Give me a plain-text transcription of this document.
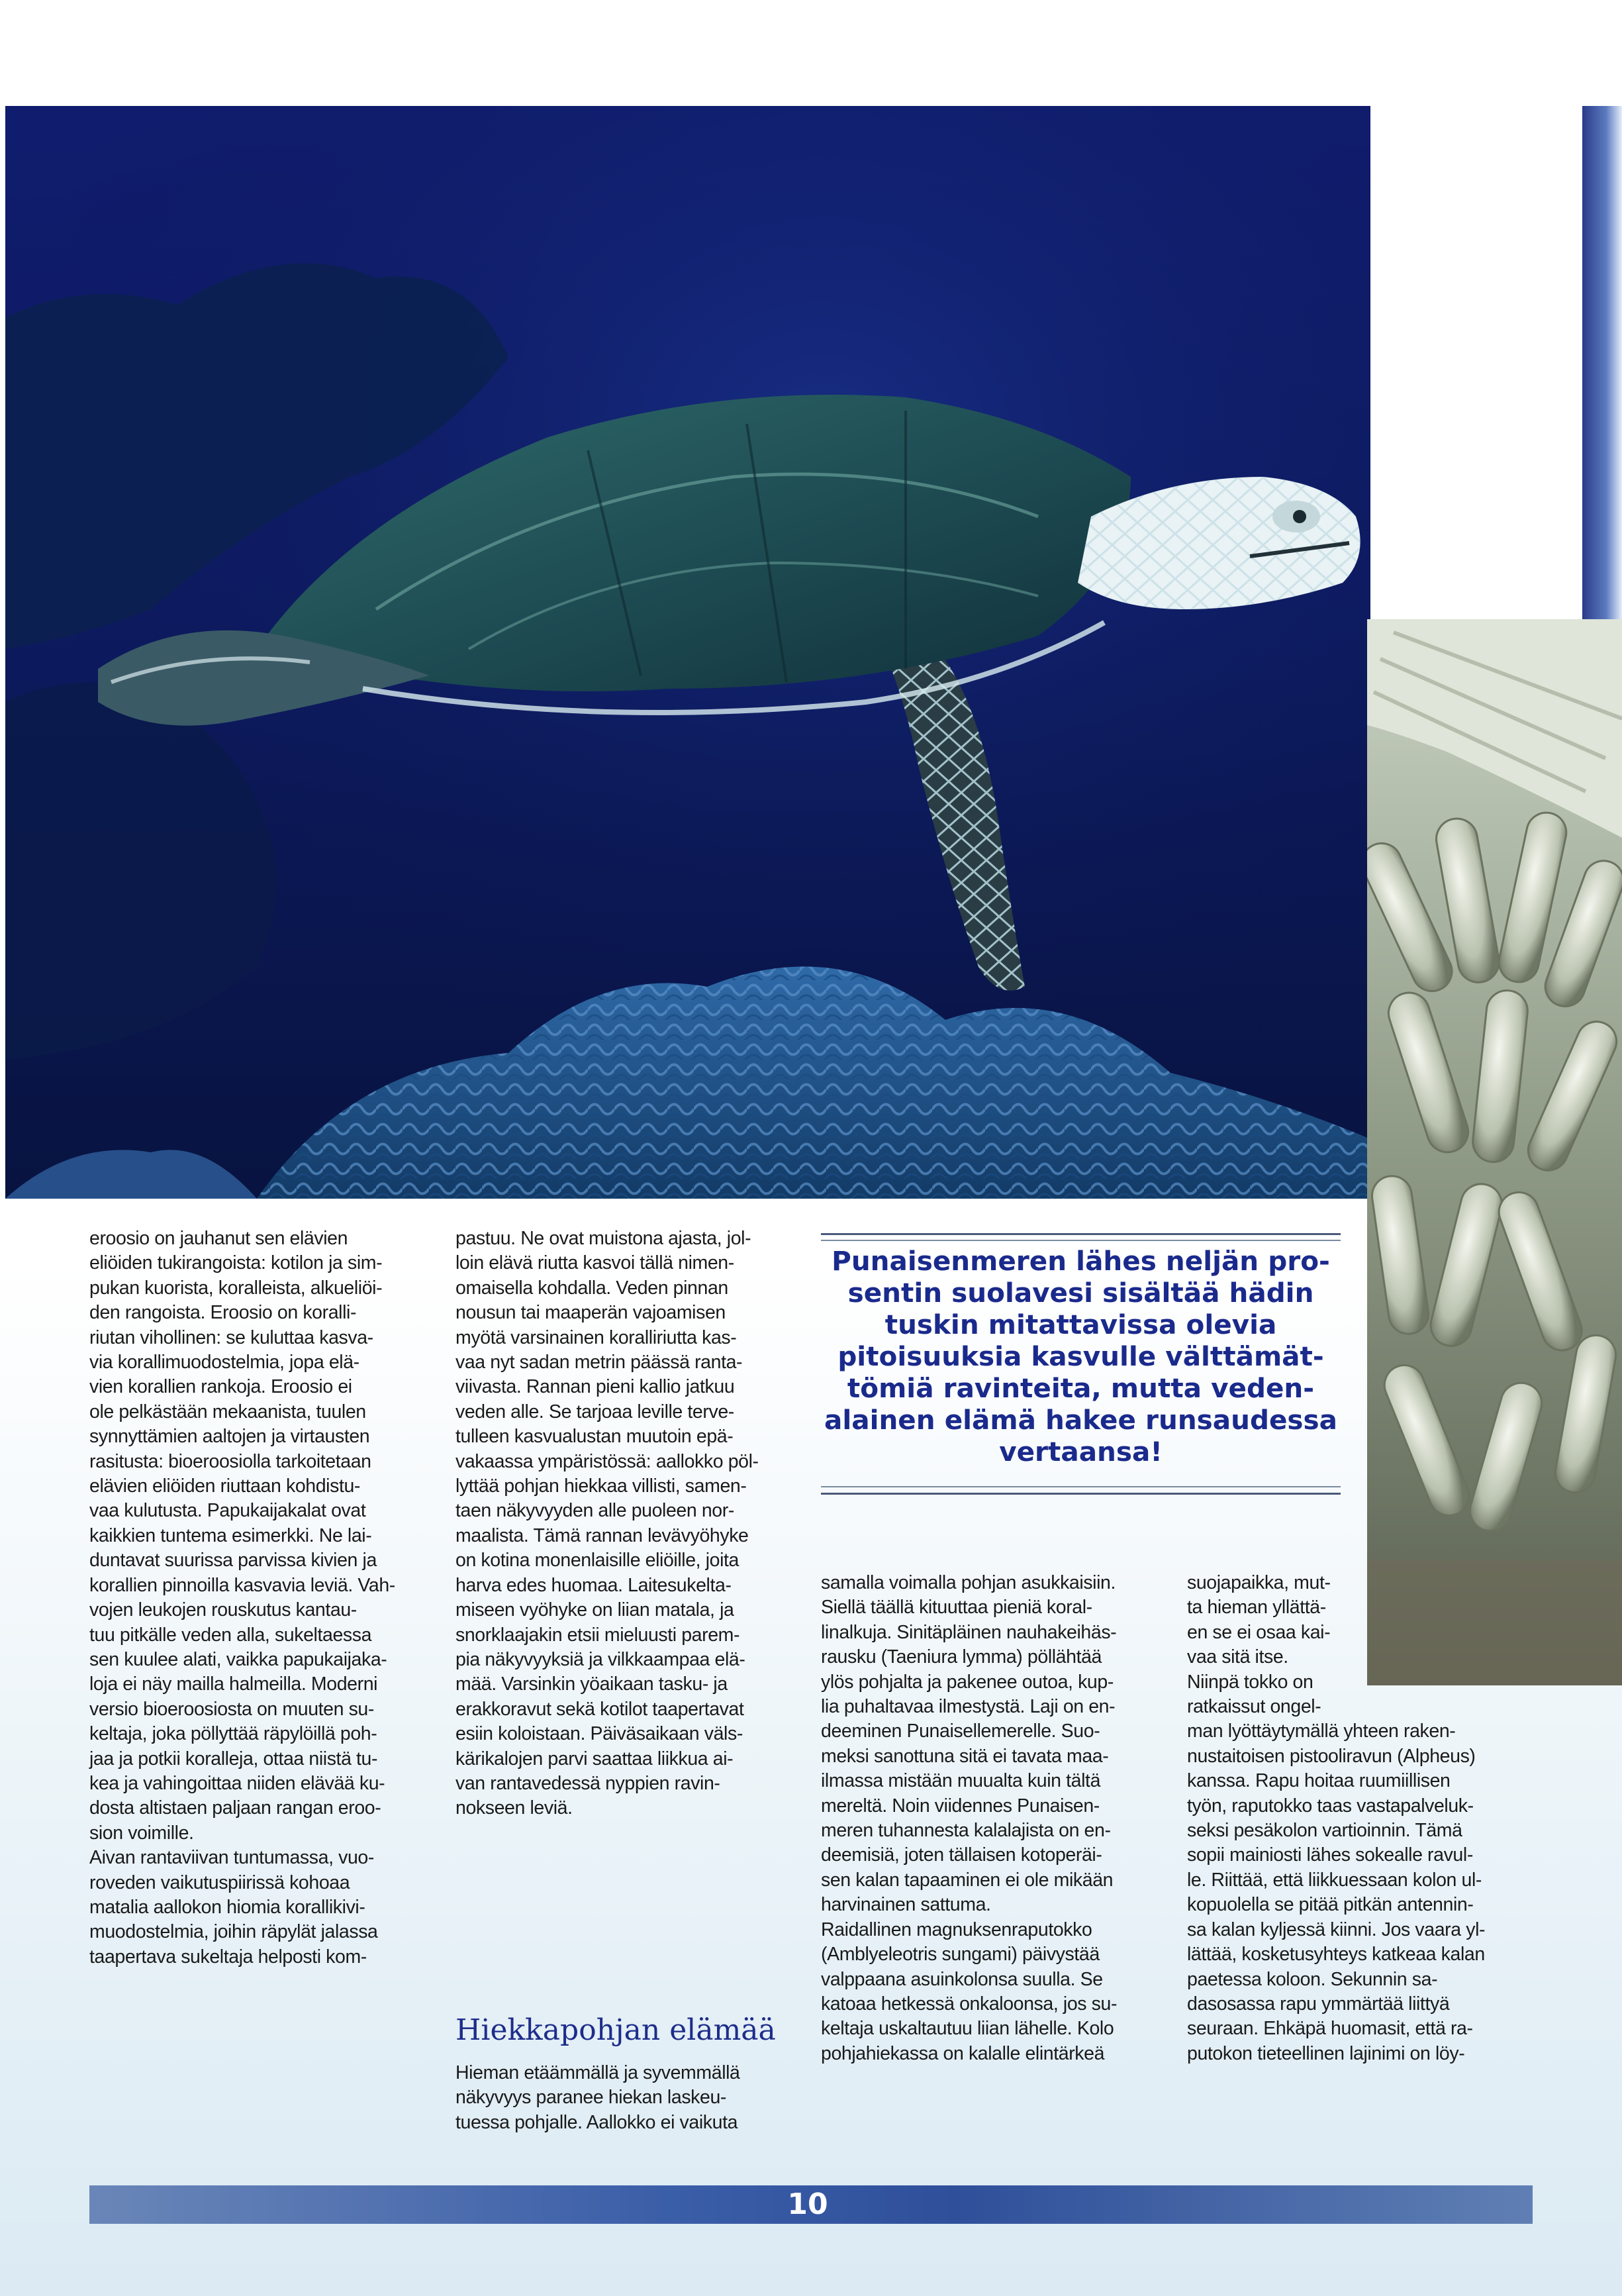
eroosio on jauhanut sen elävien
eliöiden tukirangoista: kotilon ja sim-
pukan kuorista, koralleista, alkueliöi-
den rangoista. Eroosio on koralli-
riutan vihollinen: se kuluttaa kasva-
via korallimuodostelmia, jopa elä-
vien korallien rankoja. Eroosio ei
ole pelkästään mekaanista, tuulen
synnyttämien aaltojen ja virtausten
rasitusta: bioeroosiolla tarkoitetaan
elävien eliöiden riuttaan kohdistu-
vaa kulutusta. Papukaijakalat ovat
kaikkien tuntema esimerkki. Ne lai-
duntavat suurissa parvissa kivien ja
korallien pinnoilla kasvavia leviä. Vah-
vojen leukojen rouskutus kantau-
tuu pitkälle veden alla, sukeltaessa
sen kuulee alati, vaikka papukaijaka-
loja ei näy mailla halmeilla. Moderni
versio bioeroosiosta on muuten su-
keltaja, joka pöllyttää räpylöillä poh-
jaa ja potkii koralleja, ottaa niistä tu-
kea ja vahingoittaa niiden elävää ku-
dosta altistaen paljaan rangan eroo-
sion voimille.
Aivan rantaviivan tuntumassa, vuo-
roveden vaikutuspiirissä kohoaa
matalia aallokon hiomia korallikivi-
muodostelmia, joihin räpylät jalassa
taapertava sukeltaja helposti kom-
pastuu. Ne ovat muistona ajasta, jol-
loin elävä riutta kasvoi tällä nimen-
omaisella kohdalla. Veden pinnan
nousun tai maaperän vajoamisen
myötä varsinainen koralliriutta kas-
vaa nyt sadan metrin päässä ranta-
viivasta. Rannan pieni kallio jatkuu
veden alle. Se tarjoaa leville terve-
tulleen kasvualustan muutoin epä-
vakaassa ympäristössä: aallokko pöl-
lyttää pohjan hiekkaa villisti, samen-
taen näkyvyyden alle puoleen nor-
maalista. Tämä rannan levävyöhyke
on kotina monenlaisille eliöille, joita
harva edes huomaa. Laitesukelta-
miseen vyöhyke on liian matala, ja
snorklaajakin etsii mieluusti parem-
pia näkyvyyksiä ja vilkkaampaa elä-
mää. Varsinkin yöaikaan tasku- ja
erakkoravut sekä kotilot taapertavat
esiin koloistaan. Päiväsaikaan väls-
kärikalojen parvi saattaa liikkua ai-
van rantavedessä nyppien ravin-
nokseen leviä.
Hiekkapohjan elämää
Hieman etäämmällä ja syvemmällä
näkyvyys paranee hiekan laskeu-
tuessa pohjalle. Aallokko ei vaikuta
Punaisenmeren lähes neljän pro- sentin suolavesi sisältää hädin tuskin mitattavissa olevia pitoisuuksia kasvulle välttämät- tömiä ravinteita, mutta veden- alainen elämä hakee runsaudessa vertaansa!
samalla voimalla pohjan asukkaisiin.
Siellä täällä kituuttaa pieniä koral-
linalkuja. Sinitäpläinen nauhakeihäs-
rausku (Taeniura lymma) pöllähtää
ylös pohjalta ja pakenee outoa, kup-
lia puhaltavaa ilmestystä. Laji on en-
deeminen Punaisellemerelle. Suo-
meksi sanottuna sitä ei tavata maa-
ilmassa mistään muualta kuin tältä
mereltä. Noin viidennes Punaisen-
meren tuhannesta kalalajista on en-
deemisiä, joten tällaisen kotoperäi-
sen kalan tapaaminen ei ole mikään
harvinainen sattuma.
Raidallinen magnuksenraputokko
(Amblyeleotris sungami) päivystää
valppaana asuinkolonsa suulla. Se
katoaa hetkessä onkaloonsa, jos su-
keltaja uskaltautuu liian lähelle. Kolo
pohjahiekassa on kalalle elintärkeä
suojapaikka, mut-
ta hieman yllättä-
en se ei osaa kai-
vaa sitä itse.
Niinpä tokko on
ratkaissut ongel-
man lyöttäytymällä yhteen raken-
nustaitoisen pistooliravun (Alpheus)
kanssa. Rapu hoitaa ruumiillisen
työn, raputokko taas vastapalveluk-
seksi pesäkolon vartioinnin. Tämä
sopii mainiosti lähes sokealle ravul-
le. Riittää, että liikkuessaan kolon ul-
kopuolella se pitää pitkän antennin-
sa kalan kyljessä kiinni. Jos vaara yl-
lättää, kosketusyhteys katkeaa kalan
paetessa koloon. Sekunnin sa-
dasosassa rapu ymmärtää liittyä
seuraan. Ehkäpä huomasit, että ra-
putokon tieteellinen lajinimi on löy-
10
